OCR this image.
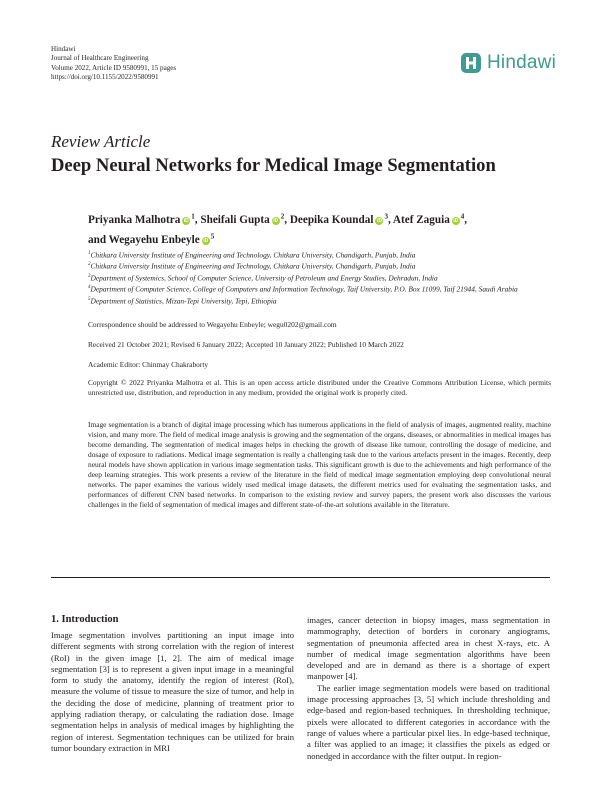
Hindawi
Journal of Healthcare Engineering
Volume 2022, Article ID 9580991, 15 pages
https://doi.org/10.1155/2022/9580991
Hindawi
Review Article
Deep Neural Networks for Medical Image Segmentation
Priyanka Malhotra $iD^1$, Sheifali Gupta $iD^2$, Deepika Koundal $iD^3$, Atef Zaguia $iD^4$,
and Wegayehu Enbeyle $iD^5$
$^1$Chitkara University Institute of Engineering and Technology, Chitkara University, Chandigarh, Punjab, India
$^2$Chitkara University Institute of Engineering and Technology, Chitkara University, Chandigarh, Punjab, India
$^3$Department of Systemics, School of Computer Science, University of Petroleum and Energy Studies, Dehradun, India
$^4$Department of Computer Science, College of Computers and Information Technology, Taif University, P.O. Box 11099, Taif 21944, Saudi Arabia
$^5$Department of Statistics, Mizan-Tepi University, Tepi, Ethiopia
Correspondence should be addressed to Wegayehu Enbeyle; wegu0202@gmail.com
Received 21 October 2021; Revised 6 January 2022; Accepted 10 January 2022; Published 10 March 2022
Academic Editor: Chinmay Chakraborty
Copyright © 2022 Priyanka Malhotra et al. This is an open access article distributed under the Creative Commons Attribution License, which permits unrestricted use, distribution, and reproduction in any medium, provided the original work is properly cited.
Image segmentation is a branch of digital image processing which has numerous applications in the field of analysis of images, augmented reality, machine vision, and many more. The field of medical image analysis is growing and the segmentation of the organs, diseases, or abnormalities in medical images has become demanding. The segmentation of medical images helps in checking the growth of disease like tumour, controlling the dosage of medicine, and dosage of exposure to radiations. Medical image segmentation is really a challenging task due to the various artefacts present in the images. Recently, deep neural models have shown application in various image segmentation tasks. This significant growth is due to the achievements and high performance of the deep learning strategies. This work presents a review of the literature in the field of medical image segmentation employing deep convolutional neural networks. The paper examines the various widely used medical image datasets, the different metrics used for evaluating the segmentation tasks, and performances of different CNN based networks. In comparison to the existing review and survey papers, the present work also discusses the various challenges in the field of segmentation of medical images and different state-of-the-art solutions available in the literature.
1. Introduction

Image segmentation involves partitioning an input image into different segments with strong correlation with the region of interest (RoI) in the given image [1, 2]. The aim of medical image segmentation [3] is to represent a given input image in a meaningful form to study the anatomy, identify the region of interest (RoI), measure the volume of tissue to measure the size of tumor, and help in the deciding the dose of medicine, planning of treatment prior to applying radiation therapy, or calculating the radiation dose. Image segmentation helps in analysis of medical images by highlighting the region of interest. Segmentation techniques can be utilized for brain tumor boundary extraction in MRI

images, cancer detection in biopsy images, mass segmentation in mammography, detection of borders in coronary angiograms, segmentation of pneumonia affected area in chest X-rays, etc. A number of medical image segmentation algorithms have been developed and are in demand as there is a shortage of expert manpower [4].

The earlier image segmentation models were based on traditional image processing approaches [3, 5] which include thresholding and edge-based and region-based techniques. In thresholding technique, pixels were allocated to different categories in accordance with the range of values where a particular pixel lies. In edge-based technique, a filter was applied to an image; it classifies the pixels as edged or nonedged in accordance with the filter output. In region-
